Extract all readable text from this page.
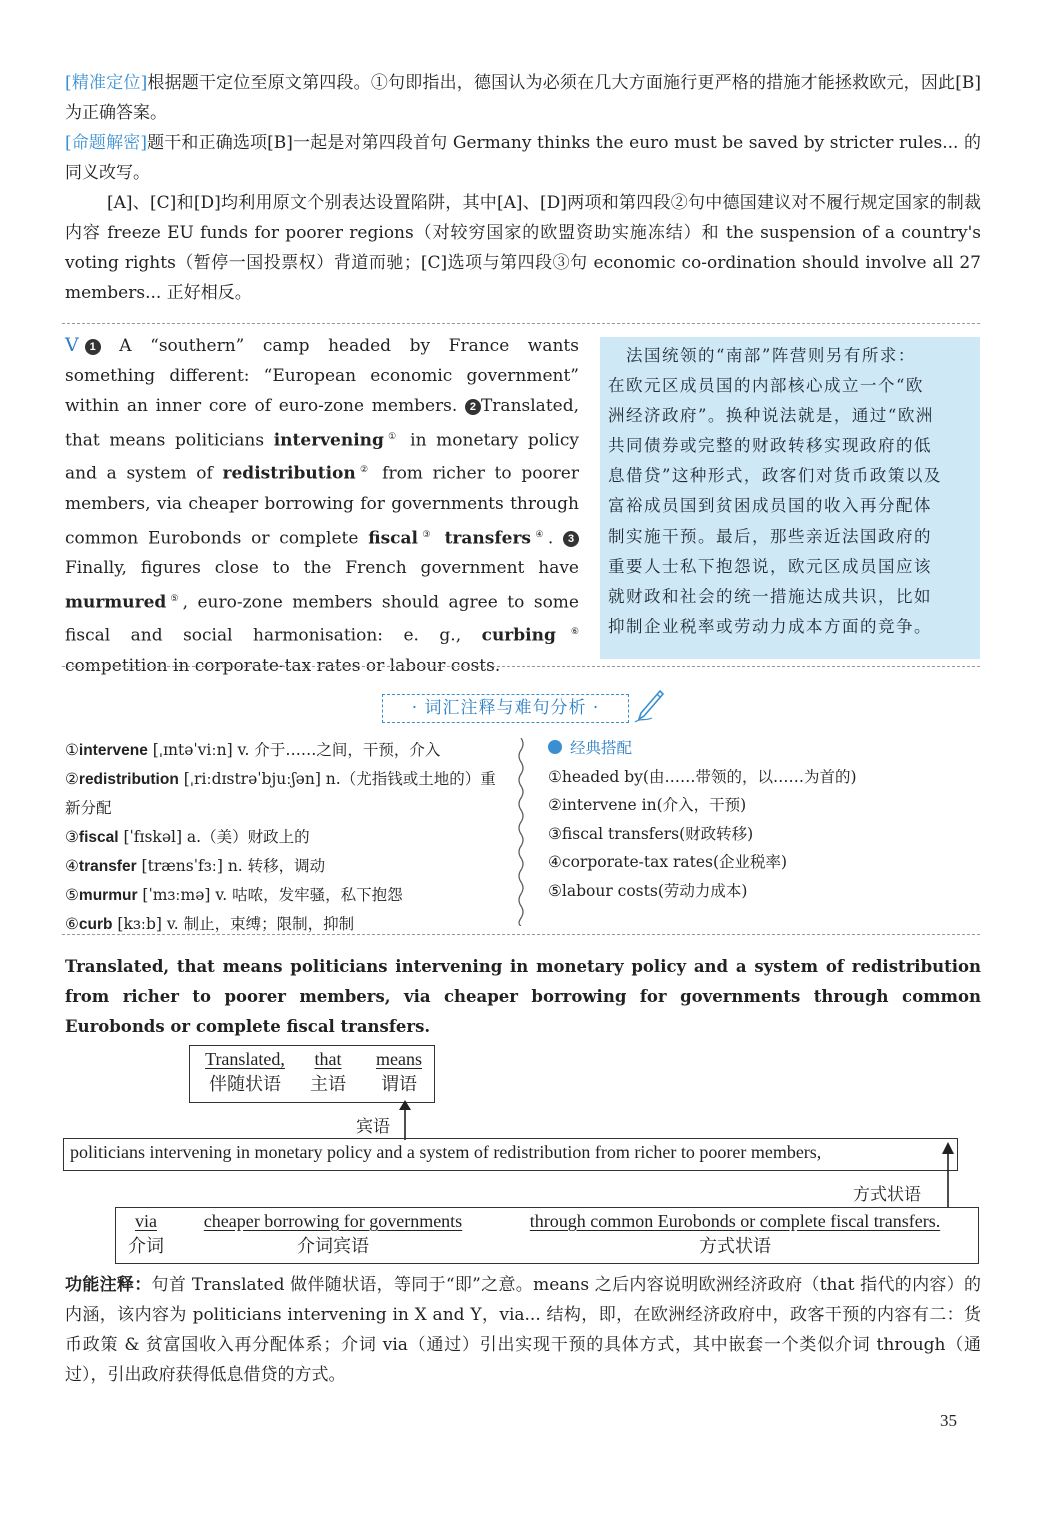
[精准定位]根据题干定位至原文第四段。①句即指出，德国认为必须在几大方面施行更严格的措施才能拯救欧元，因此[B]为正确答案。
[命题解密]题干和正确选项[B]一起是对第四段首句 Germany thinks the euro must be saved by stricter rules... 的同义改写。
[A]、[C]和[D]均利用原文个别表达设置陷阱，其中[A]、[D]两项和第四段②句中德国建议对不履行规定国家的制裁内容 freeze EU funds for poorer regions（对较穷国家的欧盟资助实施冻结）和 the suspension of a country's voting rights（暂停一国投票权）背道而驰；[C]选项与第四段③句 economic co-ordination should involve all 27 members... 正好相反。
V 1 A “southern” camp headed by France wants something different: “European economic government” within an inner core of euro-zone members. 2 Translated, that means politicians intervening① in monetary policy and a system of redistribution② from richer to poorer members, via cheaper borrowing for governments through common Eurobonds or complete fiscal③ transfers④. 3 Finally, figures close to the French government have murmured⑤, euro-zone members should agree to some fiscal and social harmonisation: e. g., curbing⑥ competition in corporate-tax rates or labour costs.
　法国统领的“南部”阵营则另有所求：
在欧元区成员国的内部核心成立一个“欧
洲经济政府”。换种说法就是，通过“欧洲
共同债券或完整的财政转移实现政府的低
息借贷”这种形式，政客们对货币政策以及
富裕成员国到贫困成员国的收入再分配体
制实施干预。最后，那些亲近法国政府的
重要人士私下抱怨说，欧元区成员国应该
就财政和社会的统一措施达成共识，比如
抑制企业税率或劳动力成本方面的竞争。
· 词汇注释与难句分析 ·
①intervene [ˌɪntəˈviːn] v. 介于……之间，干预，介入
②redistribution [ˌriːdɪstrəˈbjuːʃən] n.（尤指钱或土地的）重新分配
③fiscal [ˈfɪskəl] a.（美）财政上的
④transfer [trænsˈfɜː] n. 转移，调动
⑤murmur [ˈmɜːmə] v. 咕哝，发牢骚，私下抱怨
⑥curb [kɜːb] v. 制止，束缚；限制，抑制
经典搭配
①headed by(由……带领的，以……为首的)
②intervene in(介入，干预)
③fiscal transfers(财政转移)
④corporate-tax rates(企业税率)
⑤labour costs(劳动力成本)
Translated, that means politicians intervening in monetary policy and a system of redistribution from richer to poorer members, via cheaper borrowing for governments through common Eurobonds or complete fiscal transfers.
Translated,
伴随状语
that
主语
means
谓语
宾语
politicians intervening in monetary policy and a system of redistribution from richer to poorer members,
方式状语
via
介词
cheaper borrowing for governments
介词宾语
through common Eurobonds or complete fiscal transfers.
方式状语
功能注释：句首 Translated 做伴随状语，等同于“即”之意。means 之后内容说明欧洲经济政府（that 指代的内容）的内涵，该内容为 politicians intervening in X and Y，via... 结构，即，在欧洲经济政府中，政客干预的内容有二：货币政策 & 贫富国收入再分配体系；介词 via（通过）引出实现干预的具体方式，其中嵌套一个类似介词 through（通过），引出政府获得低息借贷的方式。
35
